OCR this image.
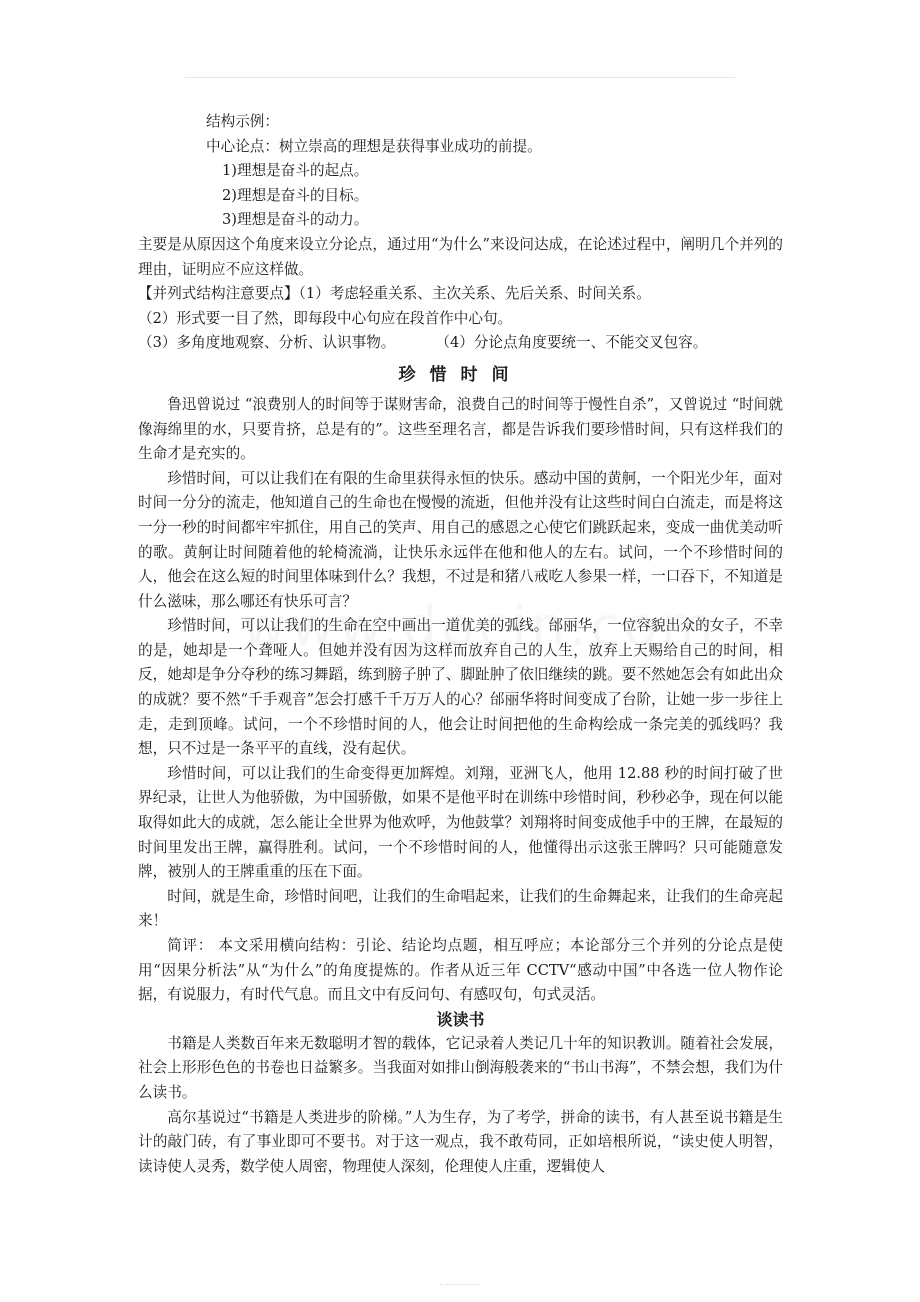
结构示例：

中心论点：树立崇高的理想是获得事业成功的前提。

1)理想是奋斗的起点。

2)理想是奋斗的目标。

3)理想是奋斗的动力。

主要是从原因这个角度来设立分论点，通过用“为什么”来设问达成，在论述过程中，阐明几个并列的理由，证明应不应这样做。

【并列式结构注意要点】（1）考虑轻重关系、主次关系、先后关系、时间关系。

（2）形式要一目了然，即每段中心句应在段首作中心句。

（3）多角度地观察、分析、认识事物。	（4）分论点角度要统一、不能交叉包容。

珍惜时间

鲁迅曾说过 “浪费别人的时间等于谋财害命，浪费自己的时间等于慢性自杀”，又曾说过 “时间就像海绵里的水，只要肯挤，总是有的”。这些至理名言，都是告诉我们要珍惜时间，只有这样我们的生命才是充实的。

珍惜时间，可以让我们在有限的生命里获得永恒的快乐。感动中国的黄舸，一个阳光少年，面对时间一分分的流走，他知道自己的生命也在慢慢的流逝，但他并没有让这些时间白白流走，而是将这一分一秒的时间都牢牢抓住，用自己的笑声、用自己的感恩之心使它们跳跃起来，变成一曲优美动听的歌。黄舸让时间随着他的轮椅流淌，让快乐永远伴在他和他人的左右。试问，一个不珍惜时间的人，他会在这么短的时间里体味到什么？我想，不过是和猪八戒吃人参果一样，一口吞下，不知道是什么滋味，那么哪还有快乐可言？

珍惜时间，可以让我们的生命在空中画出一道优美的弧线。邰丽华，一位容貌出众的女子，不幸的是，她却是一个聋哑人。但她并没有因为这样而放弃自己的人生，放弃上天赐给自己的时间，相反，她却是争分夺秒的练习舞蹈，练到膀子肿了、脚趾肿了依旧继续的跳。要不然她怎会有如此出众的成就？要不然“千手观音”怎会打感千千万万人的心？邰丽华将时间变成了台阶，让她一步一步往上走，走到顶峰。试问，一个不珍惜时间的人，他会让时间把他的生命构绘成一条完美的弧线吗？我想，只不过是一条平平的直线，没有起伏。

珍惜时间，可以让我们的生命变得更加辉煌。刘翔，亚洲飞人，他用 12.88 秒的时间打破了世界纪录，让世人为他骄傲，为中国骄傲，如果不是他平时在训练中珍惜时间，秒秒必争，现在何以能取得如此大的成就，怎么能让全世界为他欢呼，为他鼓掌？刘翔将时间变成他手中的王牌，在最短的时间里发出王牌，赢得胜利。试问，一个不珍惜时间的人，他懂得出示这张王牌吗？只可能随意发牌，被别人的王牌重重的压在下面。

时间，就是生命，珍惜时间吧，让我们的生命唱起来，让我们的生命舞起来，让我们的生命亮起来！

简评： 本文采用横向结构：引论、结论均点题，相互呼应；本论部分三个并列的分论点是使用“因果分析法”从“为什么”的角度提炼的。作者从近三年 CCTV“感动中国”中各选一位人物作论据，有说服力，有时代气息。而且文中有反问句、有感叹句，句式灵活。

谈读书

书籍是人类数百年来无数聪明才智的载体，它记录着人类记几十年的知识教训。随着社会发展，社会上形形色色的书卷也日益繁多。当我面对如排山倒海般袭来的“书山书海”，不禁会想，我们为什么读书。

高尔基说过“书籍是人类进步的阶梯。”人为生存，为了考学，拼命的读书，有人甚至说书籍是生计的敲门砖，有了事业即可不要书。对于这一观点，我不敢苟同，正如培根所说，“读史使人明智，读诗使人灵秀，数学使人周密，物理使人深刻，伦理使人庄重，逻辑使人
